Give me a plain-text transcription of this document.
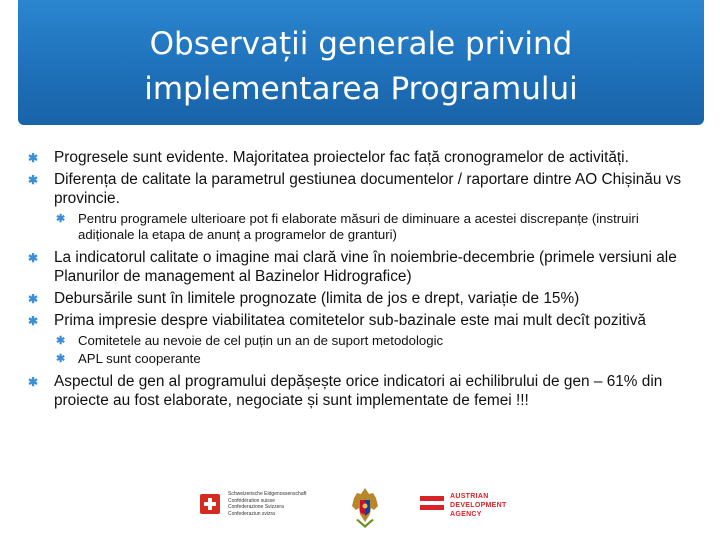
Observații generale privind
implementarea Programului
✱ Progresele sunt evidente. Majoritatea proiectelor fac față cronogramelor de activități.
✱ Diferența de calitate la parametrul gestiunea documentelor / raportare dintre AO Chișinău vs provincie.
✱ Pentru programele ulterioare pot fi elaborate măsuri de diminuare a acestei discrepanțe (instruiri adiționale la etapa de anunț a programelor de granturi)
✱ La indicatorul calitate o imagine mai clară vine în noiembrie-decembrie (primele versiuni ale Planurilor de management al Bazinelor Hidrografice)
✱ Debursările sunt în limitele prognozate (limita de jos e drept, variație de 15%)
✱ Prima impresie despre viabilitatea comitetelor sub-bazinale este mai mult decît pozitivă
✱ Comitetele au nevoie de cel puțin un an de suport metodologic
✱ APL sunt cooperante
✱ Aspectul de gen al programului depășește orice indicatori ai echilibrului de gen – 61% din proiecte au fost elaborate, negociate și sunt implementate de femei !!!
Schweizerische Eidgenossenschaft
Confédération suisse
Confederazione Svizzera
Confederaziun svizra
AUSTRIAN
DEVELOPMENT
AGENCY
